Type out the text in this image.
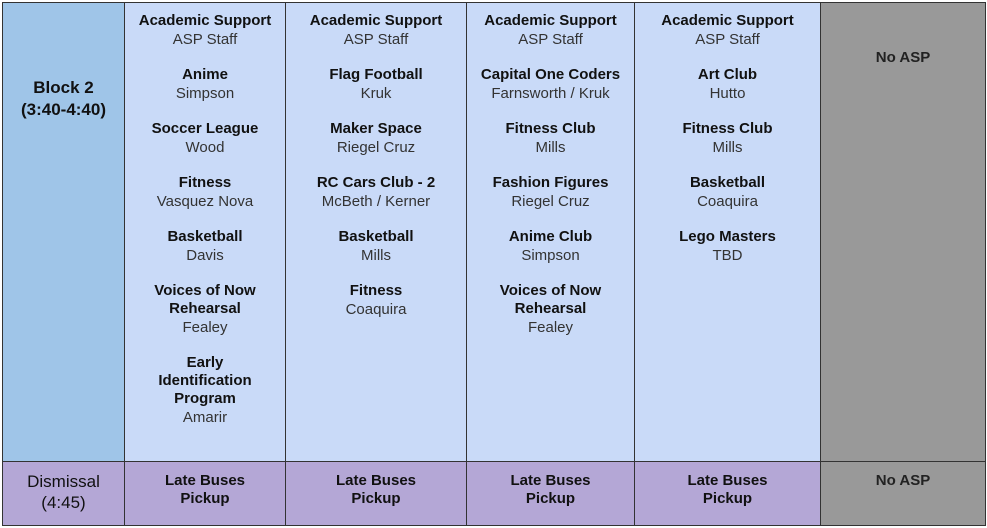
Block 2
(3:40-4:40)
Academic Support
ASP Staff
Anime
Simpson
Soccer League
Wood
Fitness
Vasquez Nova
Basketball
Davis
Voices of Now Rehearsal
Fealey
Early Identification Program
Amarir
Academic Support
ASP Staff
Flag Football
Kruk
Maker Space
Riegel Cruz
RC Cars Club - 2
McBeth / Kerner
Basketball
Mills
Fitness
Coaquira
Academic Support
ASP Staff
Capital One Coders
Farnsworth / Kruk
Fitness Club
Mills
Fashion Figures
Riegel Cruz
Anime Club
Simpson
Voices of Now Rehearsal
Fealey
Academic Support
ASP Staff
Art Club
Hutto
Fitness Club
Mills
Basketball
Coaquira
Lego Masters
TBD
No ASP
Dismissal
(4:45)
Late Buses Pickup
Late Buses Pickup
Late Buses Pickup
Late Buses Pickup
No ASP
